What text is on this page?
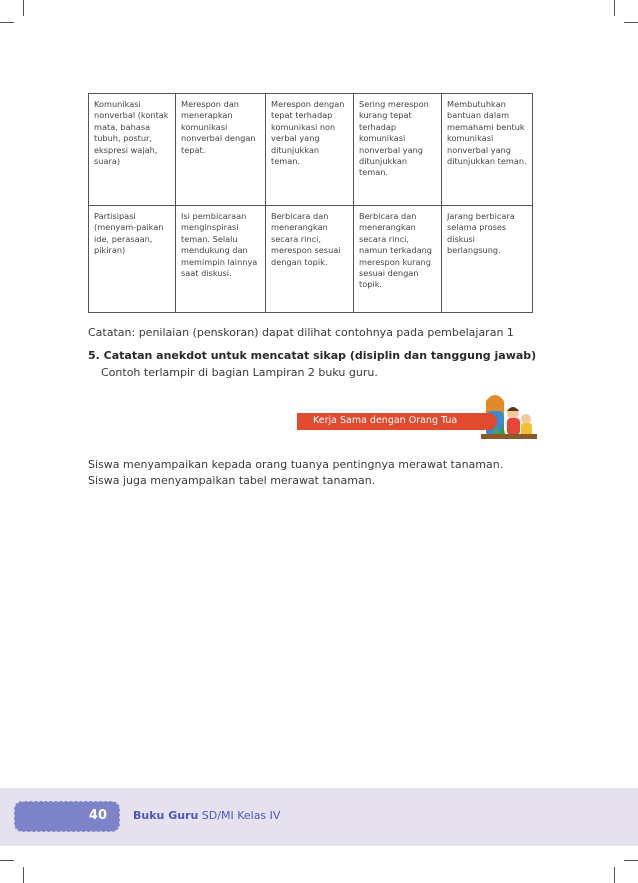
Komunikasi nonverbal (kontak mata, bahasa tubuh, postur, ekspresi wajah, suara)	Merespon dan menerapkan komunikasi nonverbal dengan tepat.	Merespon dengan tepat terhadap komunikasi non verbal yang ditunjukkan teman.	Sering merespon kurang tepat terhadap komunikasi nonverbal yang ditunjukkan teman.	Membutuhkan bantuan dalam memahami bentuk komunikasi nonverbal yang ditunjukkan teman.
Partisipasi (menyam-paikan ide, perasaan, pikiran)	Isi pembicaraan menginspirasi teman. Selalu mendukung dan memimpin lainnya saat diskusi.	Berbicara dan menerangkan secara rinci, merespon sesuai dengan topik.	Berbicara dan menerangkan secara rinci, namun terkadang merespon kurang sesuai dengan topik.	Jarang berbicara selama proses diskusi berlangsung.
Catatan: penilaian (penskoran) dapat dilihat contohnya pada pembelajaran 1
5. Catatan anekdot untuk mencatat sikap (disiplin dan tanggung jawab)
Contoh terlampir di bagian Lampiran 2 buku guru.
Kerja Sama dengan Orang Tua
Siswa menyampaikan kepada orang tuanya pentingnya merawat tanaman.
Siswa juga menyampaikan tabel merawat tanaman.
40 Buku Guru SD/MI Kelas IV
